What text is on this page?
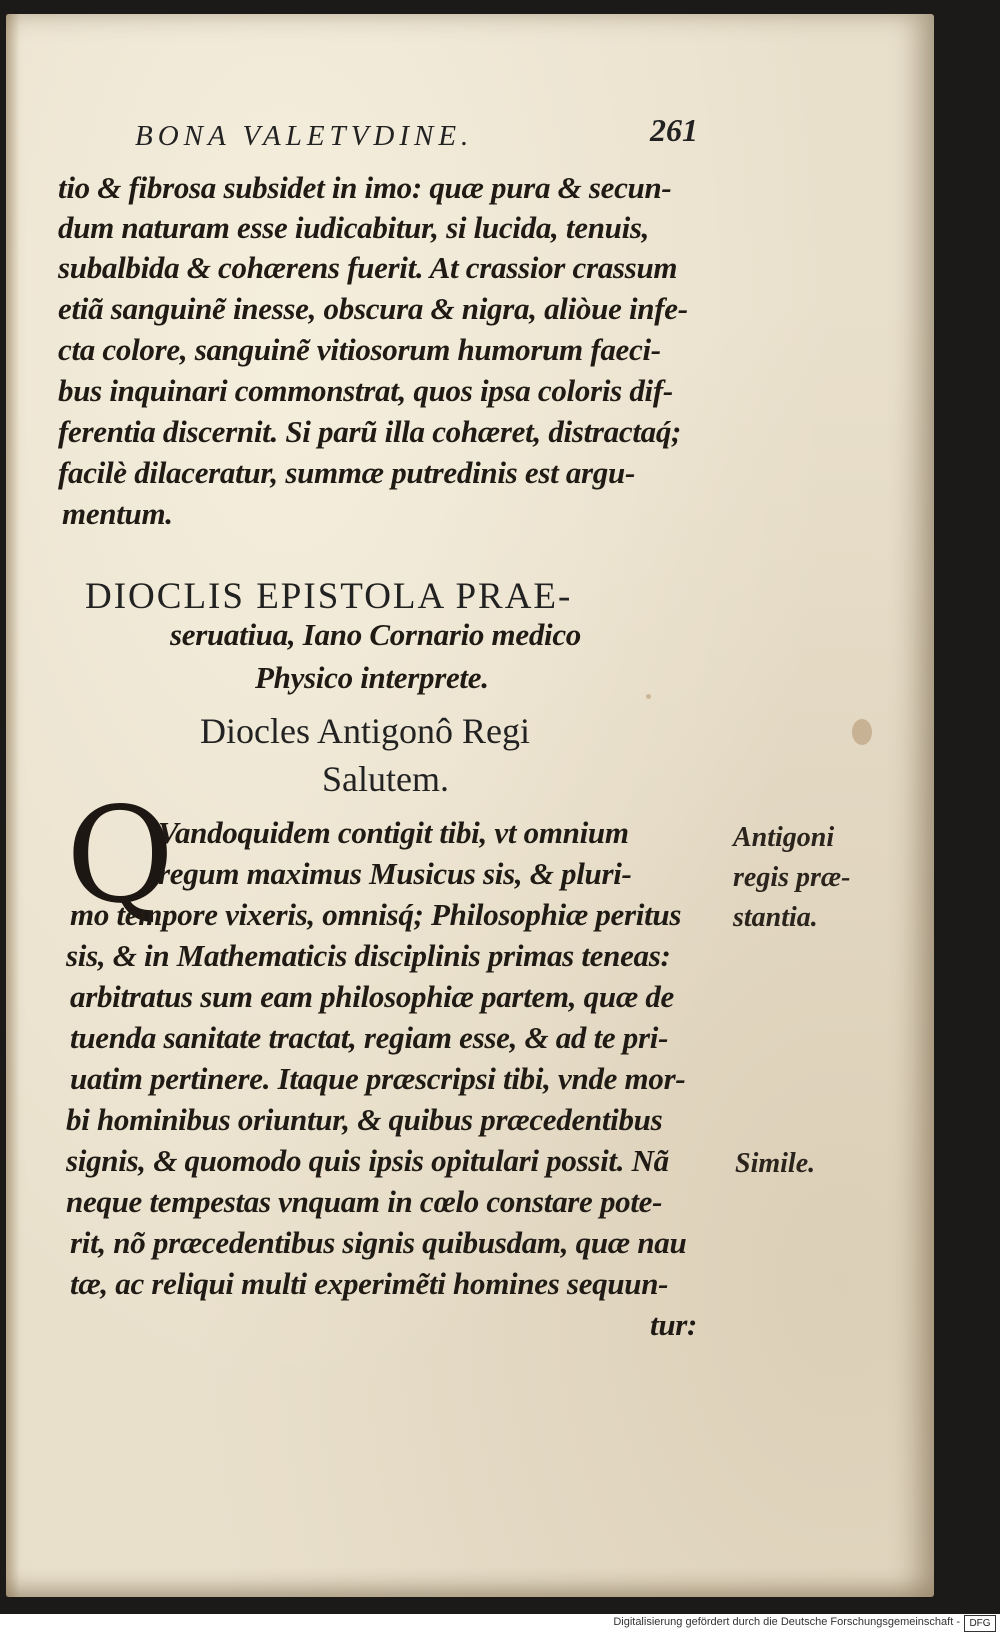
BONA VALETVDINE.	261
tio & fibrosa subsidet in imo: quæ pura & secun-
dum naturam esse iudicabitur, si lucida, tenuis,
subalbida & cohærens fuerit. At crassior crassum
etiã sanguinẽ inesse, obscura & nigra, aliòue infe-
cta colore, sanguinẽ vitiosorum humorum faeci-
bus inquinari commonstrat, quos ipsa coloris dif-
ferentia discernit. Si parũ illa cohæret, distractaq́;
facilè dilaceratur, summæ putredinis est argu-
mentum.
DIOCLIS EPISTOLA PRAE-
seruatiua, Iano Cornario medico
Physico interprete.
Diocles Antigonô Regi
Salutem.
Q
Vandoquidem contigit tibi, vt omnium
regum maximus Musicus sis, & pluri-
mo tempore vixeris, omnisq́; Philosophiæ peritus
sis, & in Mathematicis disciplinis primas teneas:
arbitratus sum eam philosophiæ partem, quæ de
tuenda sanitate tractat, regiam esse, & ad te pri-
uatim pertinere. Itaque præscripsi tibi, vnde mor-
bi hominibus oriuntur, & quibus præcedentibus
signis, & quomodo quis ipsis opitulari possit. Nã
neque tempestas vnquam in cœlo constare pote-
rit, nõ præcedentibus signis quibusdam, quæ nau
tæ, ac reliqui multi experimẽti homines sequun-
tur:
Antigoni
regis præ-
stantia.
Simile.
Digitalisierung gefördert durch die Deutsche Forschungsgemeinschaft - DFG
